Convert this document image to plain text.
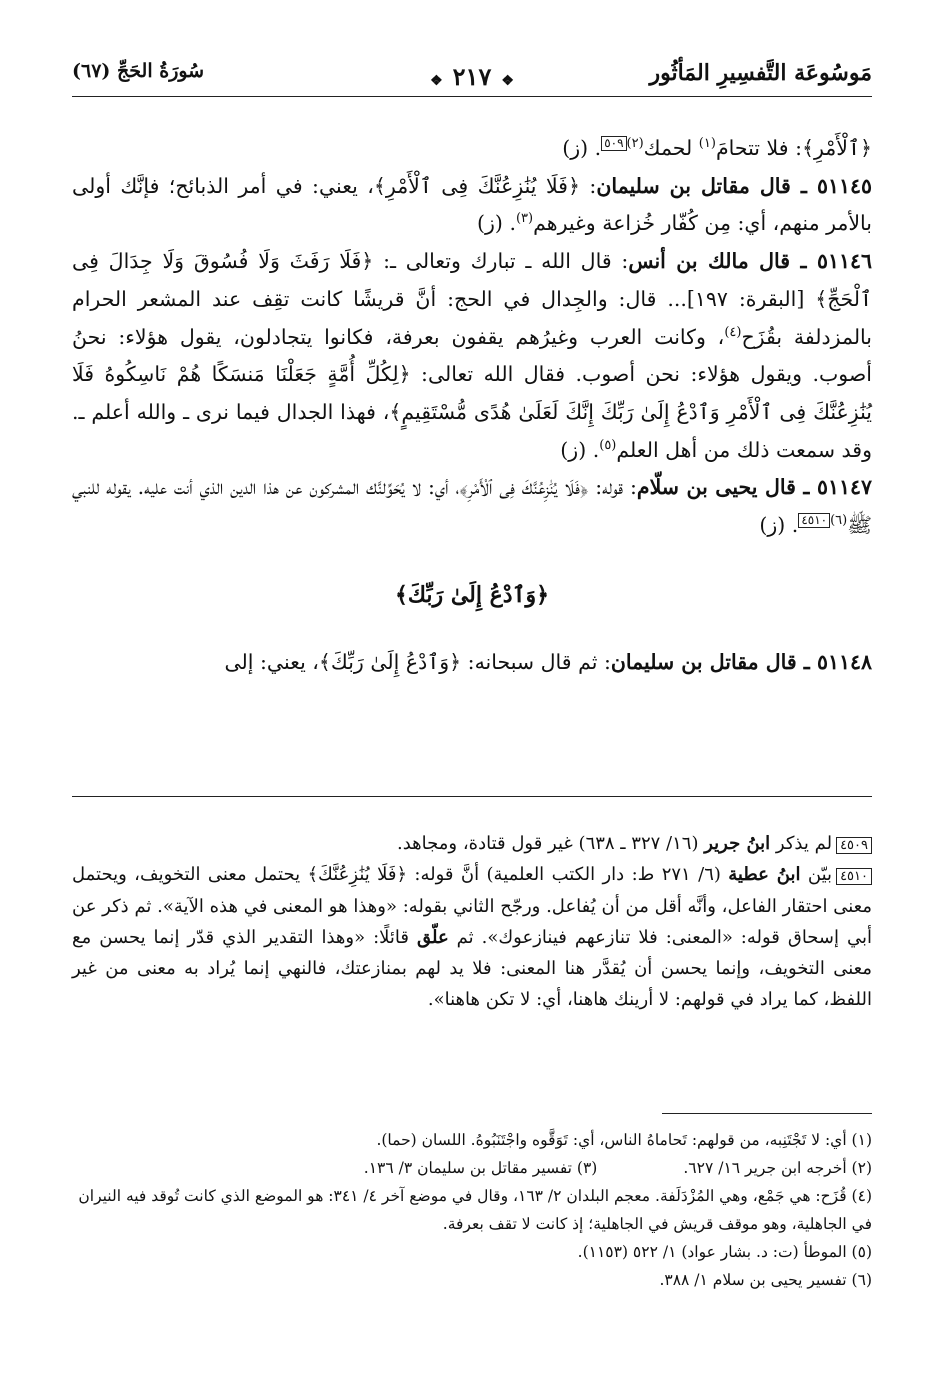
مَوسُوعَة التَّفسِيرِ المَأثُور
❖٢١٧❖
سُورَةُ الحَجِّ (٦٧)

﴿ٱلْأَمْرِ﴾: فلا تتحامَ$^{(١)}$ لحمك$^{(٢)}$٥٠٩. (ز)

٥١١٤٥ ـ قال مقاتل بن سليمان: ﴿فَلَا يُنَٰزِعُنَّكَ فِى ٱلْأَمْرِ﴾، يعني: في أمر الذبائح؛ فإنَّك أولى بالأمر منهم، أي: مِن كُفّار خُزاعة وغيرهم$^{(٣)}$. (ز)

٥١١٤٦ ـ قال مالك بن أنس: قال الله ـ تبارك وتعالى ـ: ﴿فَلَا رَفَثَ وَلَا فُسُوقَ وَلَا جِدَالَ فِى ٱلْحَجِّ﴾ [البقرة: ١٩٧]... قال: والجِدال في الحج: أنَّ قريشًا كانت تقِف عند المشعر الحرام بالمزدلفة بقُزَح$^{(٤)}$، وكانت العرب وغيرُهم يقفون بعرفة، فكانوا يتجادلون، يقول هؤلاء: نحنُ أصوب. ويقول هؤلاء: نحن أصوب. فقال الله تعالى: ﴿لِكُلِّ أُمَّةٍ جَعَلْنَا مَنسَكًا هُمْ نَاسِكُوهُ فَلَا يُنَٰزِعُنَّكَ فِى ٱلْأَمْرِ وَٱدْعُ إِلَىٰ رَبِّكَ إِنَّكَ لَعَلَىٰ هُدًى مُّسْتَقِيمٍ﴾، فهذا الجدال فيما نرى ـ والله أعلم ـ. وقد سمعت ذلك من أهل العلم$^{(٥)}$. (ز)

٥١١٤٧ ـ قال يحيى بن سلّام: قوله: ﴿فَلَا يُنَٰزِعُنَّكَ فِى ٱلْأَمْرِ﴾، أي: لا يُحَوِّلنَّك المشركون عن هذا الدين الذي أنت عليه. يقوله للنبي ﷺ$^{(٦)}$٤٥١٠. (ز)

﴿وَٱدْعُ إِلَىٰ رَبِّكَ﴾

٥١١٤٨ ـ قال مقاتل بن سليمان: ثم قال سبحانه: ﴿وَٱدْعُ إِلَىٰ رَبِّكَ﴾، يعني: إلى

٤٥٠٩لم يذكر ابنُ جرير (١٦/ ٣٢٧ ـ ٦٣٨) غير قول قتادة، ومجاهد.

٤٥١٠بيّن ابنُ عطية (٦/ ٢٧١ ط: دار الكتب العلمية) أنَّ قوله: ﴿فَلَا يُنَٰزِعُنَّكَ﴾ يحتمل معنى التخويف، ويحتمل معنى احتقار الفاعل، وأنَّه أقل من أن يُفاعل. ورجّح الثاني بقوله: «وهذا هو المعنى في هذه الآية». ثم ذكر عن أبي إسحاق قوله: «المعنى: فلا تنازعهم فينازعوك». ثم علّق قائلًا: «وهذا التقدير الذي قدّر إنما يحسن مع معنى التخويف، وإنما يحسن أن يُقدَّر هنا المعنى: فلا يد لهم بمنازعتك، فالنهي إنما يُراد به معنى من غير اللفظ، كما يراد في قولهم: لا أرينك هاهنا، أي: لا تكن هاهنا».

(١) أي: لا تَجْتَنِبه، من قولهم: تَحاماهُ الناس، أي: تَوَقَّوه واجْتَنَبُوهُ. اللسان (حما).

(٢) أخرجه ابن جرير ١٦/ ٦٢٧.

(٣) تفسير مقاتل بن سليمان ٣/ ١٣٦.

(٤) قُزَح: هي جَمْع، وهي المُزْدَلَفة. معجم البلدان ٢/ ١٦٣، وقال في موضع آخر ٤/ ٣٤١: هو الموضع الذي كانت تُوقد فيه النيران في الجاهلية، وهو موقف قريش في الجاهلية؛ إذ كانت لا تقف بعرفة.

(٥) الموطأ (ت: د. بشار عواد) ١/ ٥٢٢ (١١٥٣).

(٦) تفسير يحيى بن سلام ١/ ٣٨٨.
